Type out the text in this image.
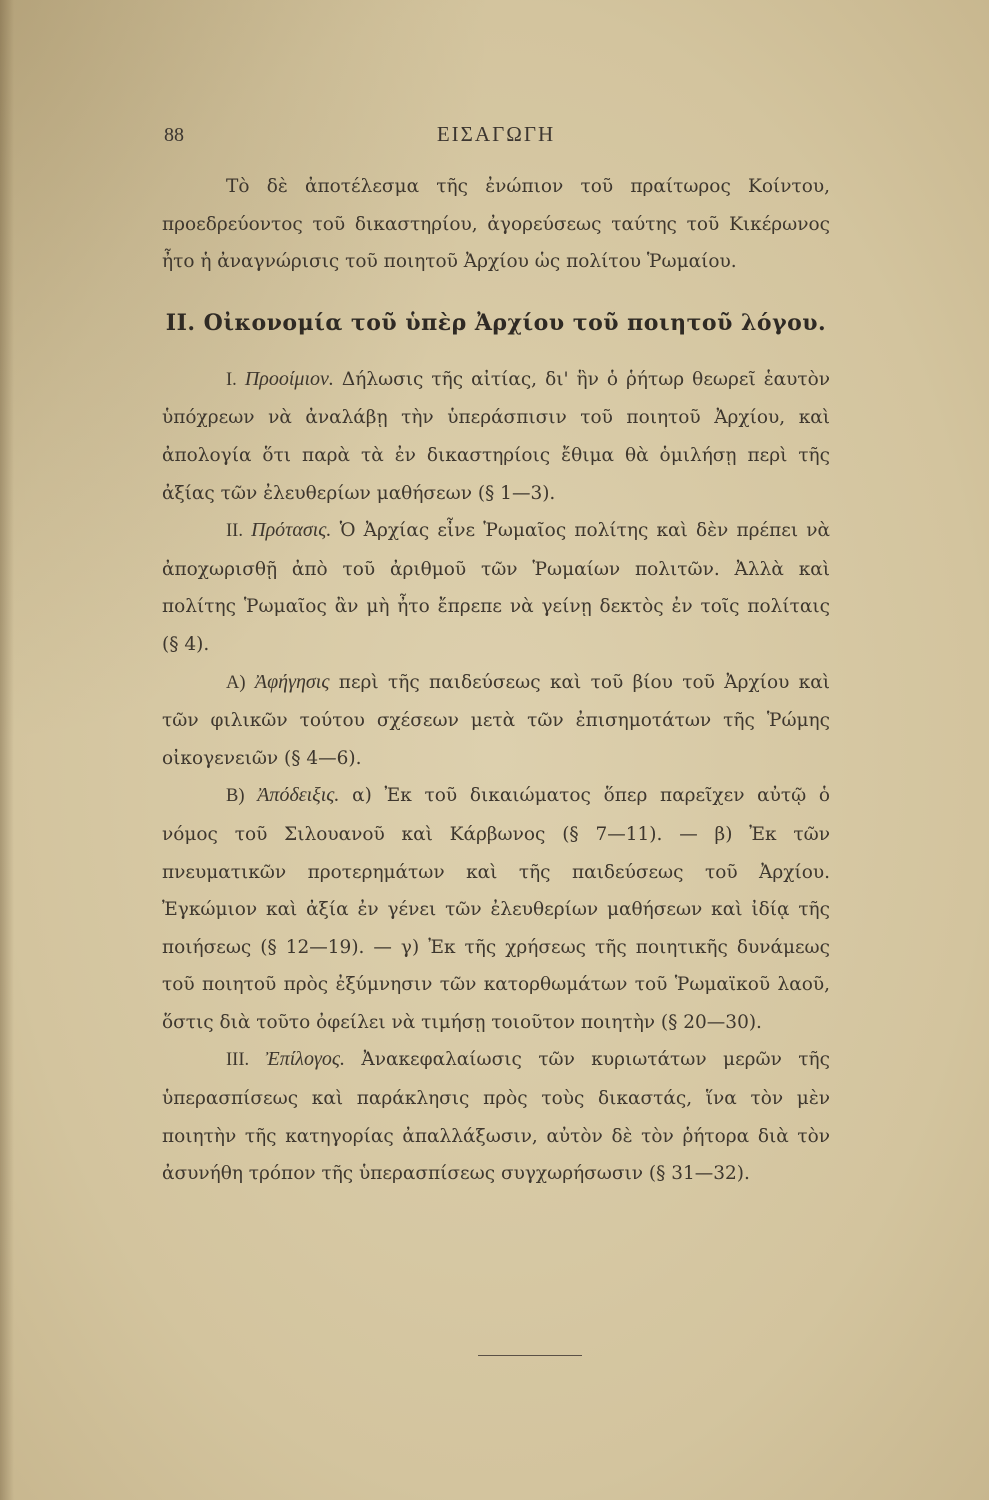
88	ΕΙΣΑΓΩΓΗ

Τὸ δὲ ἀποτέλεσμα τῆς ἐνώπιον τοῦ πραίτωρος Κοίντου, προεδρεύοντος τοῦ δικαστηρίου, ἀγορεύσεως ταύτης τοῦ Κικέρωνος ἦτο ἡ ἀναγνώρισις τοῦ ποιητοῦ Ἀρχίου ὡς πολίτου Ῥωμαίου.

II. Οἰκονομία τοῦ ὑπὲρ Ἀρχίου τοῦ ποιητοῦ λόγου.

I. Προοίμιον. Δήλωσις τῆς αἰτίας, δι' ἣν ὁ ῥήτωρ θεωρεῖ ἑαυτὸν ὑπόχρεων νὰ ἀναλάβῃ τὴν ὑπεράσπισιν τοῦ ποιητοῦ Ἀρχίου, καὶ ἀπολογία ὅτι παρὰ τὰ ἐν δικαστηρίοις ἔθιμα θὰ ὁμιλήσῃ περὶ τῆς ἀξίας τῶν ἐλευθερίων μαθήσεων (§ 1—3).

II. Πρότασις. Ὁ Ἀρχίας εἶνε Ῥωμαῖος πολίτης καὶ δὲν πρέπει νὰ ἀποχωρισθῇ ἀπὸ τοῦ ἀριθμοῦ τῶν Ῥωμαίων πολιτῶν. Ἀλλὰ καὶ πολίτης Ῥωμαῖος ἂν μὴ ἦτο ἔπρεπε νὰ γείνῃ δεκτὸς ἐν τοῖς πολίταις (§ 4).

A) Ἀφήγησις περὶ τῆς παιδεύσεως καὶ τοῦ βίου τοῦ Ἀρχίου καὶ τῶν φιλικῶν τούτου σχέσεων μετὰ τῶν ἐπισημοτάτων τῆς Ῥώμης οἰκογενειῶν (§ 4—6).

B) Ἀπόδειξις. α) Ἐκ τοῦ δικαιώματος ὅπερ παρεῖχεν αὐτῷ ὁ νόμος τοῦ Σιλουανοῦ καὶ Κάρβωνος (§ 7—11). — β) Ἐκ τῶν πνευματικῶν προτερημάτων καὶ τῆς παιδεύσεως τοῦ Ἀρχίου. Ἐγκώμιον καὶ ἀξία ἐν γένει τῶν ἐλευθερίων μαθήσεων καὶ ἰδίᾳ τῆς ποιήσεως (§ 12—19). — γ) Ἐκ τῆς χρήσεως τῆς ποιητικῆς δυνάμεως τοῦ ποιητοῦ πρὸς ἐξύμνησιν τῶν κατορθωμάτων τοῦ Ῥωμαϊκοῦ λαοῦ, ὅστις διὰ τοῦτο ὀφείλει νὰ τιμήσῃ τοιοῦτον ποιητὴν (§ 20—30).

III. Ἐπίλογος. Ἀνακεφαλαίωσις τῶν κυριωτάτων μερῶν τῆς ὑπερασπίσεως καὶ παράκλησις πρὸς τοὺς δικαστάς, ἵνα τὸν μὲν ποιητὴν τῆς κατηγορίας ἀπαλλάξωσιν, αὐτὸν δὲ τὸν ῥήτορα διὰ τὸν ἀσυνήθη τρόπον τῆς ὑπερασπίσεως συγχωρήσωσιν (§ 31—32).
